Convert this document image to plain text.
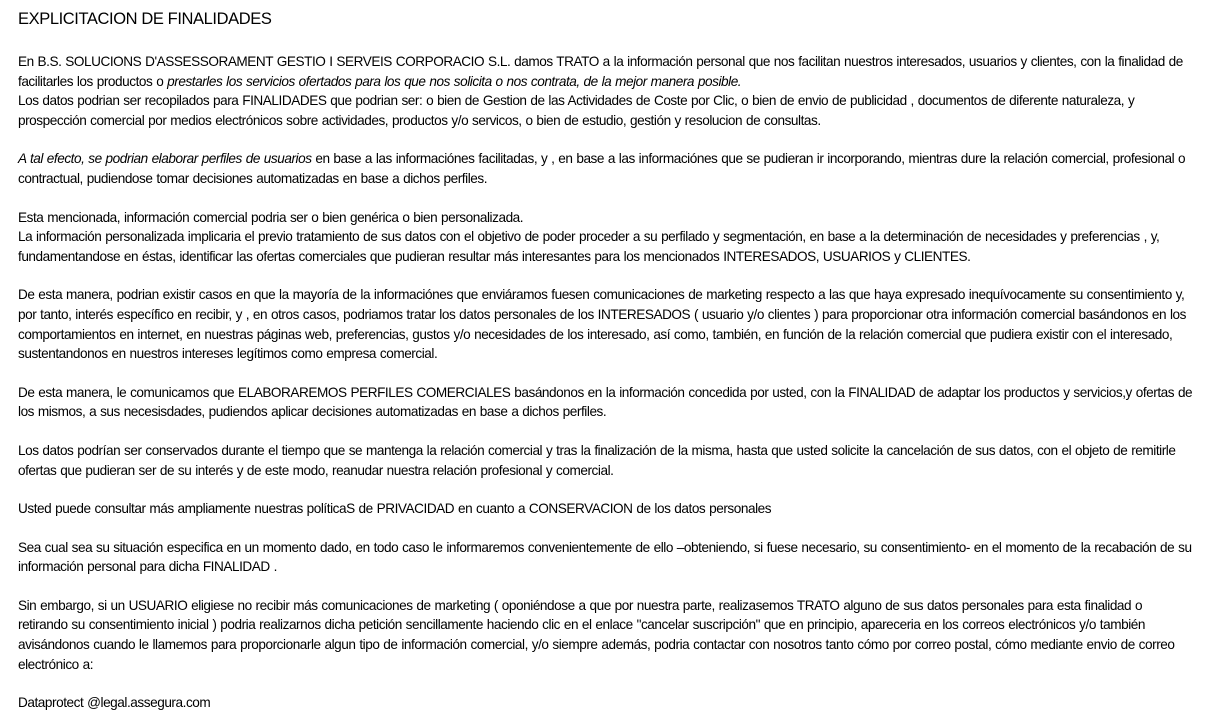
EXPLICITACION DE FINALIDADES

En B.S. SOLUCIONS D'ASSESSORAMENT GESTIO I SERVEIS CORPORACIO S.L. damos TRATO a la información personal que nos facilitan nuestros interesados, usuarios y clientes, con la finalidad de facilitarles los productos o prestarles los servicios ofertados para los que nos solicita o nos contrata, de la mejor manera posible.
Los datos podrian ser recopilados para FINALIDADES que podrian ser: o bien de Gestion de las Actividades de Coste por Clic, o bien de envio de publicidad , documentos de diferente naturaleza, y prospección comercial por medios electrónicos sobre actividades, productos y/o servicos, o bien de estudio, gestión y resolucion de consultas.

A tal efecto, se podrian elaborar perfiles de usuarios en base a las informaciónes facilitadas, y , en base a las informaciónes que se pudieran ir incorporando, mientras dure la relación comercial, profesional o contractual, pudiendose tomar decisiones automatizadas en base a dichos perfiles.

Esta mencionada, información comercial podria ser o bien genérica o bien personalizada.
La información personalizada implicaria el previo tratamiento de sus datos con el objetivo de poder proceder a su perfilado y segmentación, en base a la determinación de necesidades y preferencias , y, fundamentandose en éstas, identificar las ofertas comerciales que pudieran resultar más interesantes para los mencionados INTERESADOS, USUARIOS y CLIENTES.

De esta manera, podrian existir casos en que la mayoría de la informaciónes que enviáramos fuesen comunicaciones de marketing respecto a las que haya expresado inequívocamente su consentimiento y, por tanto, interés específico en recibir, y , en otros casos, podriamos tratar los datos personales de los INTERESADOS ( usuario y/o clientes ) para proporcionar otra información comercial basándonos en los comportamientos en internet, en nuestras páginas web, preferencias, gustos y/o necesidades de los interesado, así como, también, en función de la relación comercial que pudiera existir con el interesado, sustentandonos en nuestros intereses legítimos como empresa comercial.

De esta manera, le comunicamos que ELABORAREMOS PERFILES COMERCIALES basándonos en la información concedida por usted, con la FINALIDAD de adaptar los productos y servicios,y ofertas de los mismos, a sus necesisdades, pudiendos aplicar decisiones automatizadas en base a dichos perfiles.

Los datos podrían ser conservados durante el tiempo que se mantenga la relación comercial y tras la finalización de la misma, hasta que usted solicite la cancelación de sus datos, con el objeto de remitirle ofertas que pudieran ser de su interés y de este modo, reanudar nuestra relación profesional y comercial.

Usted puede consultar más ampliamente nuestras políticaS de PRIVACIDAD en cuanto a CONSERVACION de los datos personales

Sea cual sea su situación especifica en un momento dado, en todo caso le informaremos convenientemente de ello –obteniendo, si fuese necesario, su consentimiento- en el momento de la recabación de su información personal para dicha FINALIDAD .

Sin embargo, si un USUARIO eligiese no recibir más comunicaciones de marketing ( oponiéndose a que por nuestra parte, realizasemos TRATO alguno de sus datos personales para esta finalidad o retirando su consentimiento inicial ) podria realizarnos dicha petición sencillamente haciendo clic en el enlace "cancelar suscripción" que en principio, apareceria en los correos electrónicos y/o también avisándonos cuando le llamemos para proporcionarle algun tipo de información comercial, y/o siempre además, podria contactar con nosotros tanto cómo por correo postal, cómo mediante envio de correo electrónico a:

Dataprotect @legal.assegura.com
